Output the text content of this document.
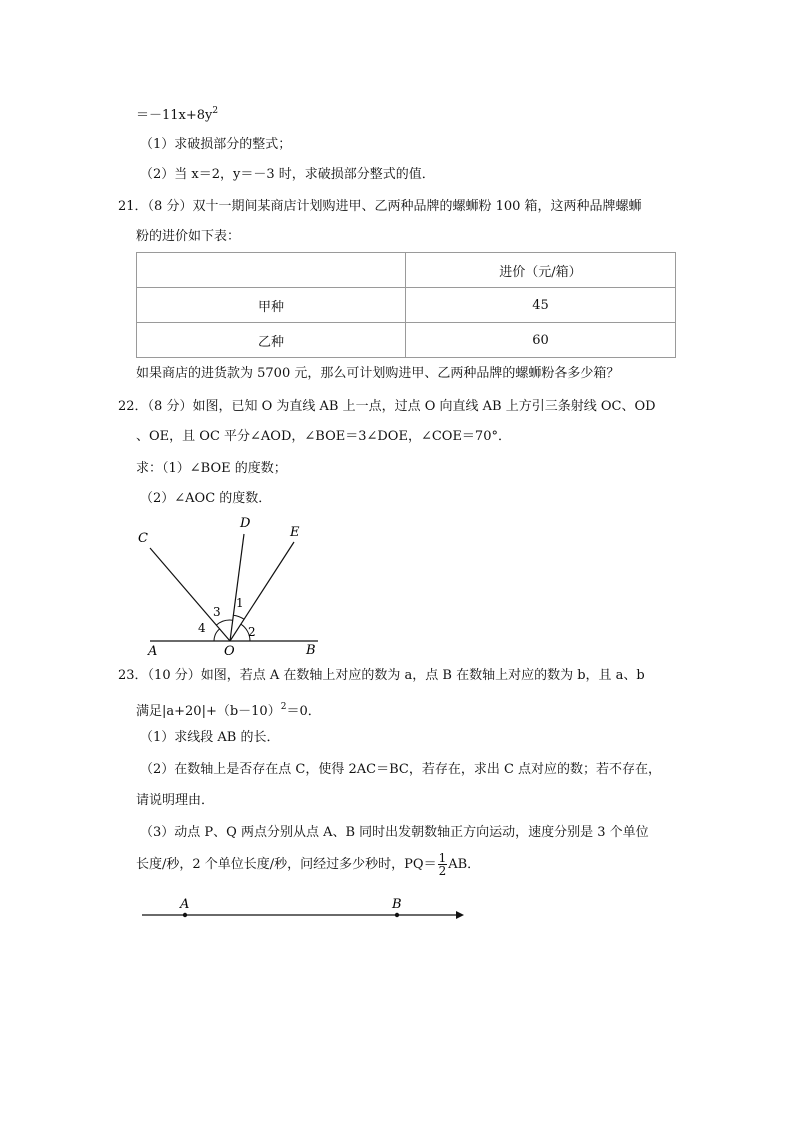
$=-11x+8y^2$
（1）求破损部分的整式；
（2）当 x＝2，y＝－3 时，求破损部分整式的值．
21．（8 分）双十一期间某商店计划购进甲、乙两种品牌的螺蛳粉 100 箱，这两种品牌螺蛳
粉的进价如下表：
	进价（元/箱）
甲种	45
乙种	60
如果商店的进货款为 5700 元，那么可计划购进甲、乙两种品牌的螺蛳粉各多少箱？
22．（8 分）如图，已知 O 为直线 AB 上一点，过点 O 向直线 AB 上方引三条射线 OC、OD
、OE，且 OC 平分∠AOD，∠BOE＝3∠DOE，∠COE＝70°．
求：（1）∠BOE 的度数；
（2）∠AOC 的度数．
C
D
E
A	O	B
1
2
3
4
23．（10 分）如图，若点 A 在数轴上对应的数为 a，点 B 在数轴上对应的数为 b，且 a、b
满足$|a+20|+(b-10)^2=0$．
（1）求线段 AB 的长．
（2）在数轴上是否存在点 C，使得 2AC＝BC，若存在，求出 C 点对应的数；若不存在，
请说明理由．
（3）动点 P、Q 两点分别从点 A、B 同时出发朝数轴正方向运动，速度分别是 3 个单位
长度/秒，2 个单位长度/秒，问经过多少秒时，$PQ= \frac{1}{2}$ AB．
A	B
